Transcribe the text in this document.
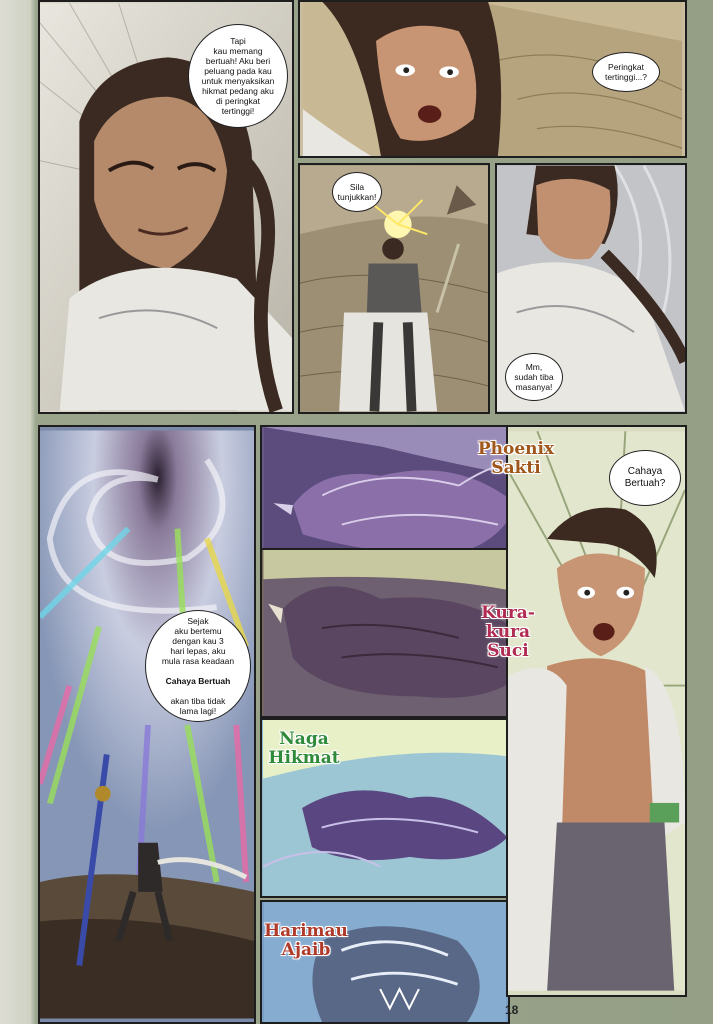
Tapi
kau memang
bertuah! Aku beri
peluang pada kau
untuk menyaksikan
hikmat pedang aku
di peringkat
tertinggi!
Peringkat
tertinggi...?
Sila
tunjukkan!
Mm,
sudah tiba
masanya!
Cahaya
Bertuah?

Sejak
aku bertemu
dengan kau 3
hari lepas, aku
mula rasa keadaan

Cahaya Bertuah

akan tiba tidak
lama lagi!

Phoenix
Sakti
Kura-
kura
Suci
Naga
Hikmat
Harimau
Ajaib
18
